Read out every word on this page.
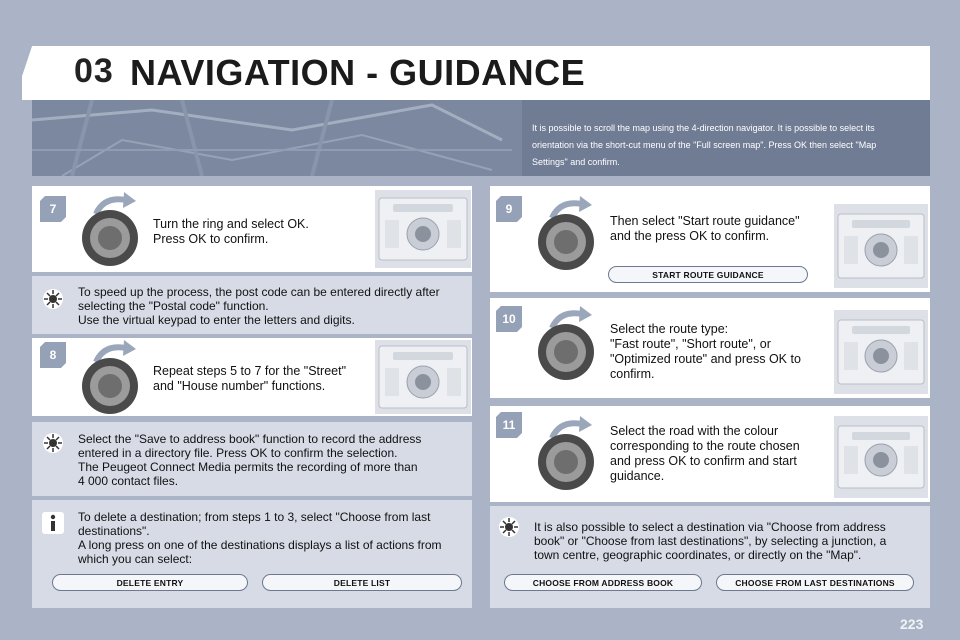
03 NAVIGATION - GUIDANCE
It is possible to scroll the map using the 4-direction navigator. It is possible to select its orientation via the short-cut menu of the "Full screen map". Press OK then select "Map Settings" and confirm.
7
Turn the ring and select OK.
Press OK to confirm.
To speed up the process, the post code can be entered directly after
selecting the "Postal code" function.
Use the virtual keypad to enter the letters and digits.
8
Repeat steps 5 to 7 for the "Street"
and "House number" functions.
Select the "Save to address book" function to record the address
entered in a directory file. Press OK to confirm the selection.
The Peugeot Connect Media permits the recording of more than
4 000 contact files.
To delete a destination; from steps 1 to 3, select "Choose from last
destinations".
A long press on one of the destinations displays a list of actions from
which you can select:
DELETE ENTRY	DELETE LIST
9
Then select "Start route guidance"
and the press OK to confirm.
START ROUTE GUIDANCE
10
Select the route type:
"Fast route", "Short route", or
"Optimized route" and press OK to
confirm.
11	Select the road with the colour
corresponding to the route chosen
and press OK to confirm and start
guidance.
It is also possible to select a destination via "Choose from address
book" or "Choose from last destinations", by selecting a junction, a
town centre, geographic coordinates, or directly on the "Map".
CHOOSE FROM ADDRESS BOOK	CHOOSE FROM LAST DESTINATIONS
223
